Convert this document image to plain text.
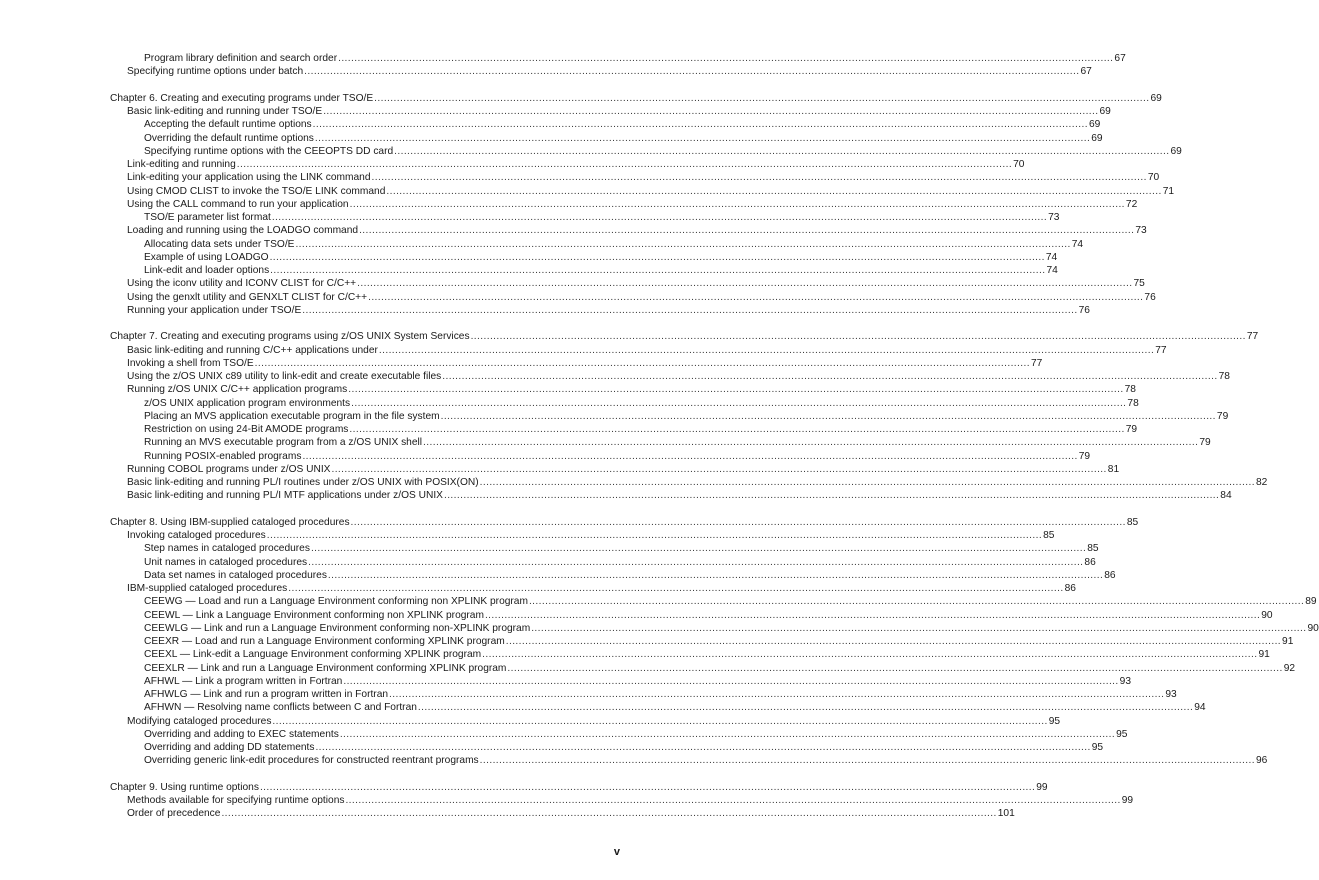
Program library definition and search order .....	67
Specifying runtime options under batch .....	67
Chapter 6. Creating and executing programs under TSO/E .....	69
Basic link-editing and running under TSO/E .....	69
Accepting the default runtime options .....	69
Overriding the default runtime options .....	69
Specifying runtime options with the CEEOPTS DD card .....	69
Link-editing and running .....	70
Link-editing your application using the LINK command .....	70
Using CMOD CLIST to invoke the TSO/E LINK command .....	71
Using the CALL command to run your application .....	72
TSO/E parameter list format .....	73
Loading and running using the LOADGO command .....	73
Allocating data sets under TSO/E .....	74
Example of using LOADGO .....	74
Link-edit and loader options .....	74
Using the iconv utility and ICONV CLIST for C/C++ .....	75
Using the genxlt utility and GENXLT CLIST for C/C++ .....	76
Running your application under TSO/E .....	76
Chapter 7. Creating and executing programs using z/OS UNIX System Services .....	77
Basic link-editing and running C/C++ applications under .....	77
Invoking a shell from TSO/E .....	77
Using the z/OS UNIX c89 utility to link-edit and create executable files .....	78
Running z/OS UNIX C/C++ application programs .....	78
z/OS UNIX application program environments .....	78
Placing an MVS application executable program in the file system .....	79
Restriction on using 24-Bit AMODE programs .....	79
Running an MVS executable program from a z/OS UNIX shell .....	79
Running POSIX-enabled programs .....	79
Running COBOL programs under z/OS UNIX .....	81
Basic link-editing and running PL/I routines under z/OS UNIX with POSIX(ON) .....	82
Basic link-editing and running PL/I MTF applications under z/OS UNIX .....	84
Chapter 8. Using IBM-supplied cataloged procedures .....	85
Invoking cataloged procedures .....	85
Step names in cataloged procedures .....	85
Unit names in cataloged procedures .....	86
Data set names in cataloged procedures .....	86
IBM-supplied cataloged procedures .....	86
CEEWG — Load and run a Language Environment conforming non XPLINK program .....	89
CEEWL — Link a Language Environment conforming non XPLINK program .....	90
CEEWLG — Link and run a Language Environment conforming non-XPLINK program .....	90
CEEXR — Load and run a Language Environment conforming XPLINK program .....	91
CEEXL — Link-edit a Language Environment conforming XPLINK program .....	91
CEEXLR — Link and run a Language Environment conforming XPLINK program .....	92
AFHWL — Link a program written in Fortran .....	93
AFHWLG — Link and run a program written in Fortran .....	93
AFHWN — Resolving name conflicts between C and Fortran .....	94
Modifying cataloged procedures .....	95
Overriding and adding to EXEC statements .....	95
Overriding and adding DD statements .....	95
Overriding generic link-edit procedures for constructed reentrant programs .....	96
Chapter 9. Using runtime options .....	99
Methods available for specifying runtime options .....	99
Order of precedence .....	101
v
